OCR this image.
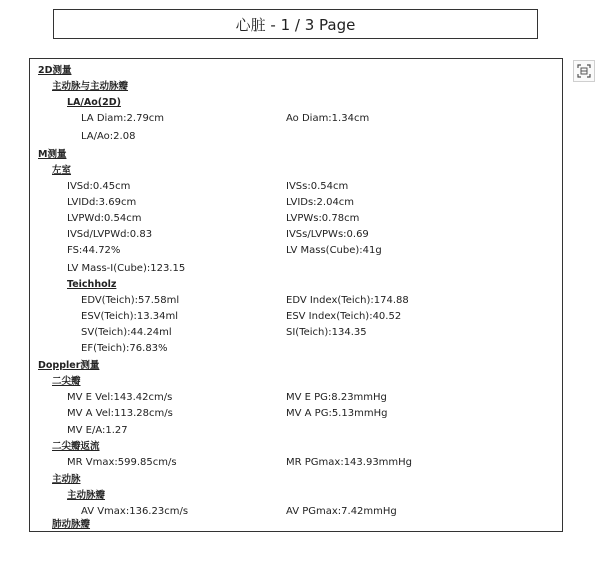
心脏 - 1 / 3 Page
2D测量
主动脉与主动脉瓣
LA/Ao(2D)
LA Diam:2.79cm	Ao Diam:1.34cm
LA/Ao:2.08
M测量
左室
IVSd:0.45cm	IVSs:0.54cm
LVIDd:3.69cm	LVIDs:2.04cm
LVPWd:0.54cm	LVPWs:0.78cm
IVSd/LVPWd:0.83	IVSs/LVPWs:0.69
FS:44.72%	LV Mass(Cube):41g
LV Mass-I(Cube):123.15
Teichholz
EDV(Teich):57.58ml	EDV Index(Teich):174.88
ESV(Teich):13.34ml	ESV Index(Teich):40.52
SV(Teich):44.24ml	SI(Teich):134.35
EF(Teich):76.83%
Doppler测量
二尖瓣
MV E Vel:143.42cm/s	MV E PG:8.23mmHg
MV A Vel:113.28cm/s	MV A PG:5.13mmHg
MV E/A:1.27
二尖瓣返流
MR Vmax:599.85cm/s	MR PGmax:143.93mmHg
主动脉
主动脉瓣
AV Vmax:136.23cm/s	AV PGmax:7.42mmHg
肺动脉瓣
